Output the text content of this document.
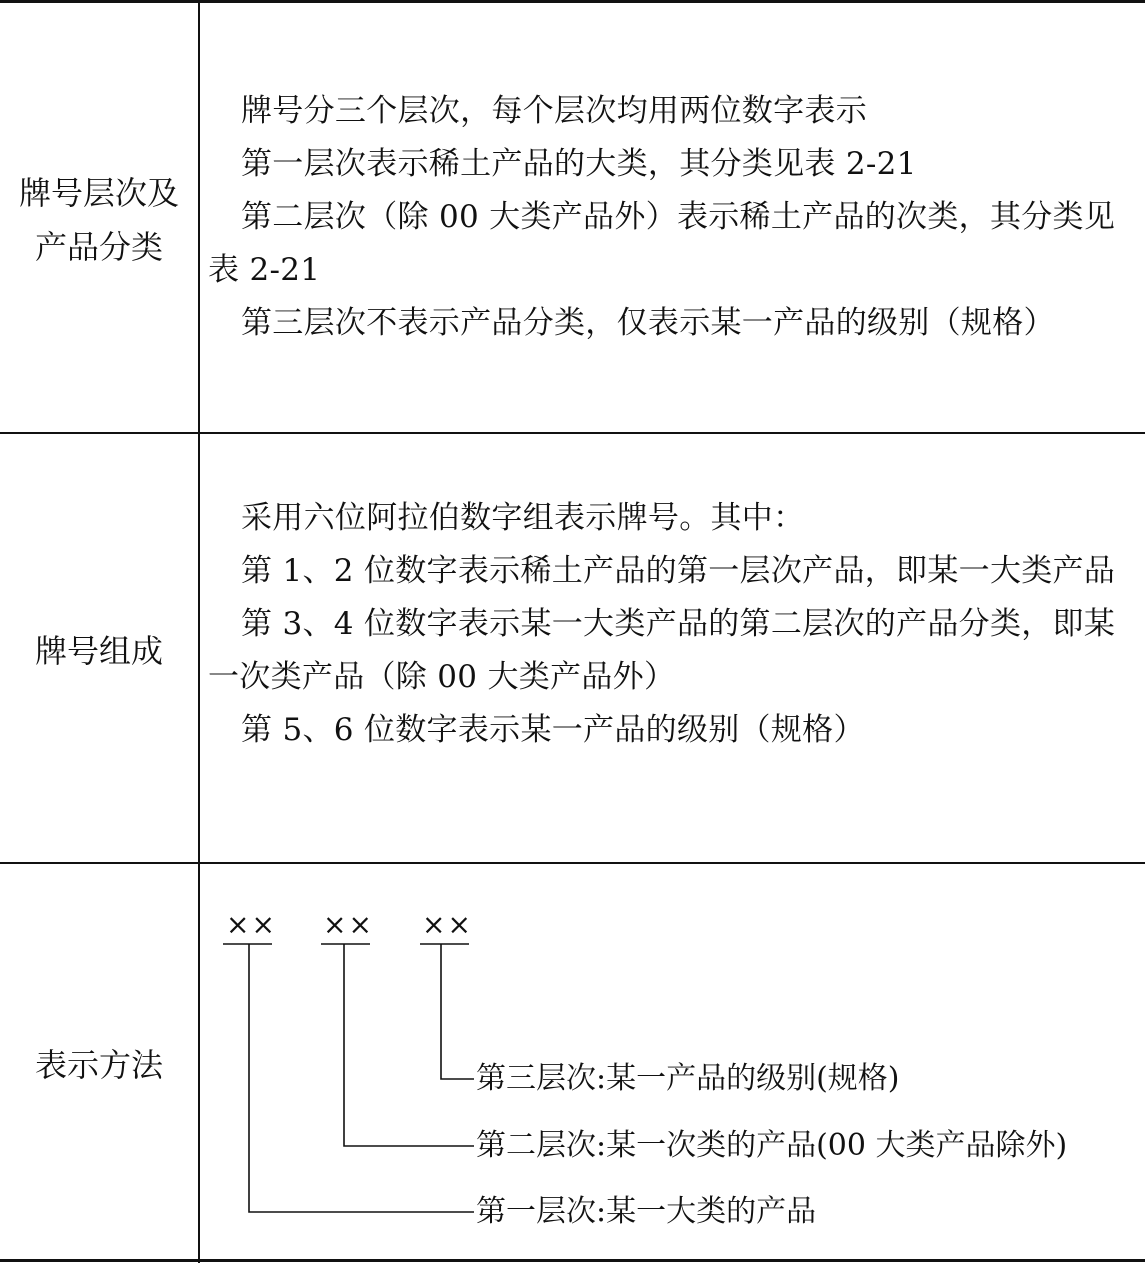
牌号层次及
产品分类

牌号分三个层次，每个层次均用两位数字表示

第一层次表示稀土产品的大类，其分类见表 2-21

第二层次（除 00 大类产品外）表示稀土产品的次类，其分类见表 2-21

第三层次不表示产品分类，仅表示某一产品的级别（规格）

牌号组成

采用六位阿拉伯数字组表示牌号。其中：

第 1、2 位数字表示稀土产品的第一层次产品，即某一大类产品

第 3、4 位数字表示某一大类产品的第二层次的产品分类，即某一次类产品（除 00 大类产品外）

第 5、6 位数字表示某一产品的级别（规格）

表示方法
×× ×× ××
第三层次:某一产品的级别(规格)
第二层次:某一次类的产品(00 大类产品除外)
第一层次:某一大类的产品
